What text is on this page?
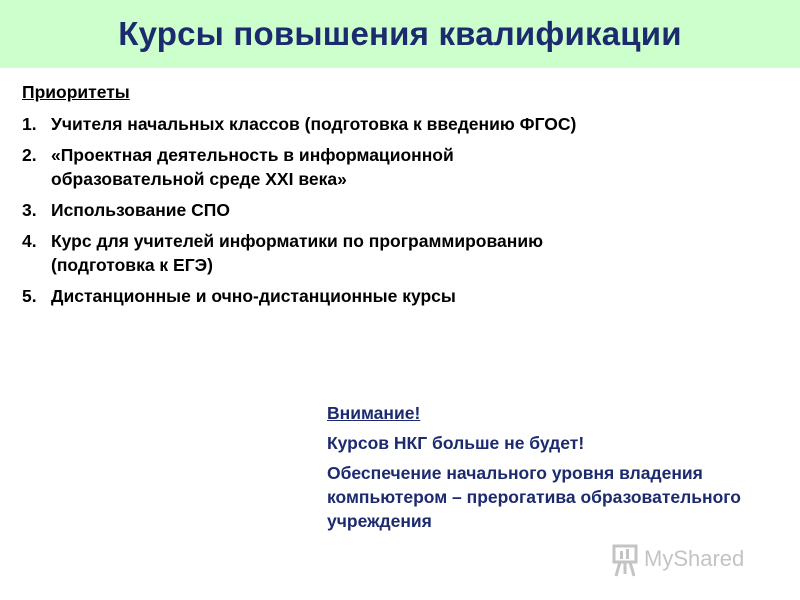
Курсы повышения квалификации
Приоритеты
1. Учителя начальных классов (подготовка к введению ФГОС)
2. «Проектная деятельность в информационной образовательной среде XXI века»
3. Использование СПО
4. Курс для учителей информатики по программированию (подготовка к ЕГЭ)
5. Дистанционные и очно-дистанционные курсы
Внимание!
Курсов НКГ больше не будет!
Обеспечение начального уровня владения компьютером – прерогатива образовательного учреждения
MyShared
